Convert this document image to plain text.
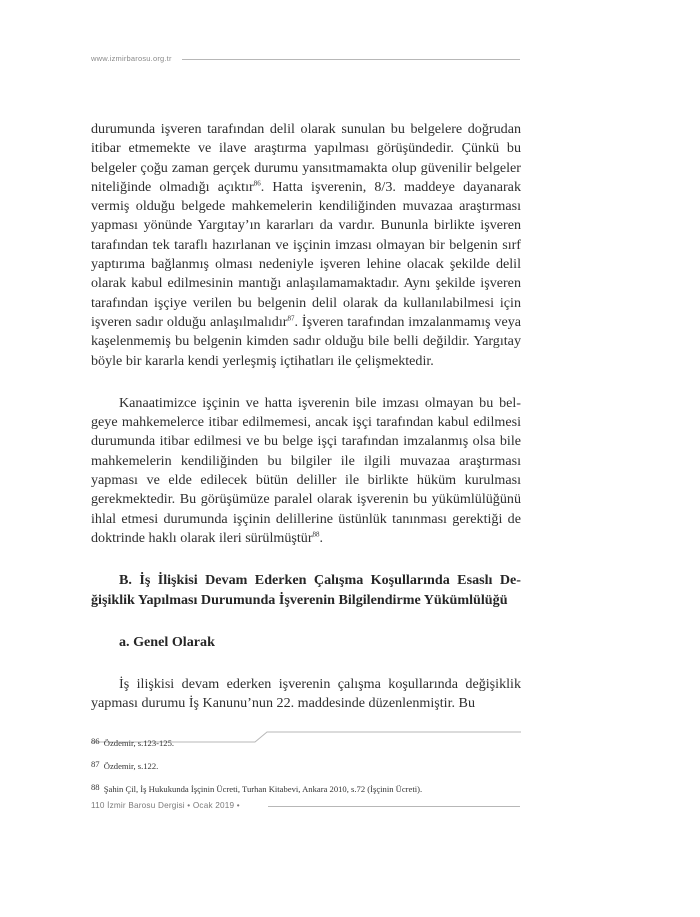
www.izmirbarosu.org.tr

durumunda işveren tarafından delil olarak sunulan bu belgelere doğrudan itibar etmemekte ve ilave araştırma yapılması görüşündedir. Çünkü bu belgeler çoğu zaman gerçek durumu yansıtmamakta olup güvenilir belgeler niteliğinde olmadığı açıktır$^{86}$. Hatta işverenin, 8/3. maddeye dayanarak vermiş olduğu belgede mahkemelerin kendiliğinden muvazaa araştırması yapması yönünde Yargıtay’ın kararları da vardır. Bununla birlikte işveren tarafından tek taraflı hazırlanan ve işçinin imzası olmayan bir belgenin sırf yaptırıma bağlanmış olması nedeniyle işveren lehine olacak şekilde delil olarak kabul edilmesinin mantığı anlaşılamamaktadır. Aynı şekilde işveren tarafından işçiye verilen bu belgenin delil olarak da kullanılabilmesi için işveren sadır olduğu anlaşılmalıdır$^{87}$. İşveren tarafından imzalanmamış veya kaşelenmemiş bu belgenin kimden sadır olduğu bile belli değildir. Yargıtay böyle bir kararla kendi yerleşmiş içtihatları ile çelişmektedir.

Kanaatimizce işçinin ve hatta işverenin bile imzası olmayan bu belgeye mahkemelerce itibar edilmemesi, ancak işçi tarafından kabul edilmesi durumunda itibar edilmesi ve bu belge işçi tarafından imzalanmış olsa bile mahkemelerin kendiliğinden bu bilgiler ile ilgili muvazaa araştırması yapması ve elde edilecek bütün deliller ile birlikte hüküm kurulması gerekmektedir. Bu görüşümüze paralel olarak işverenin bu yükümlülüğünü ihlal etmesi durumunda işçinin delillerine üstünlük tanınması gerektiği de doktrinde haklı olarak ileri sürülmüştür$^{88}$.

B. İş İlişkisi Devam Ederken Çalışma Koşullarında Esaslı Değişiklik Yapılması Durumunda İşverenin Bilgilendirme Yükümlülüğü

a. Genel Olarak

İş ilişkisi devam ederken işverenin çalışma koşullarında değişiklik yapması durumu İş Kanunu’nun 22. maddesinde düzenlenmiştir. Bu

86 Özdemir, s.123-125.

87 Özdemir, s.122.

88 Şahin Çil, İş Hukukunda İşçinin Ücreti, Turhan Kitabevi, Ankara 2010, s.72 (İşçinin Ücreti).

110 İzmir Barosu Dergisi • Ocak 2019 •
